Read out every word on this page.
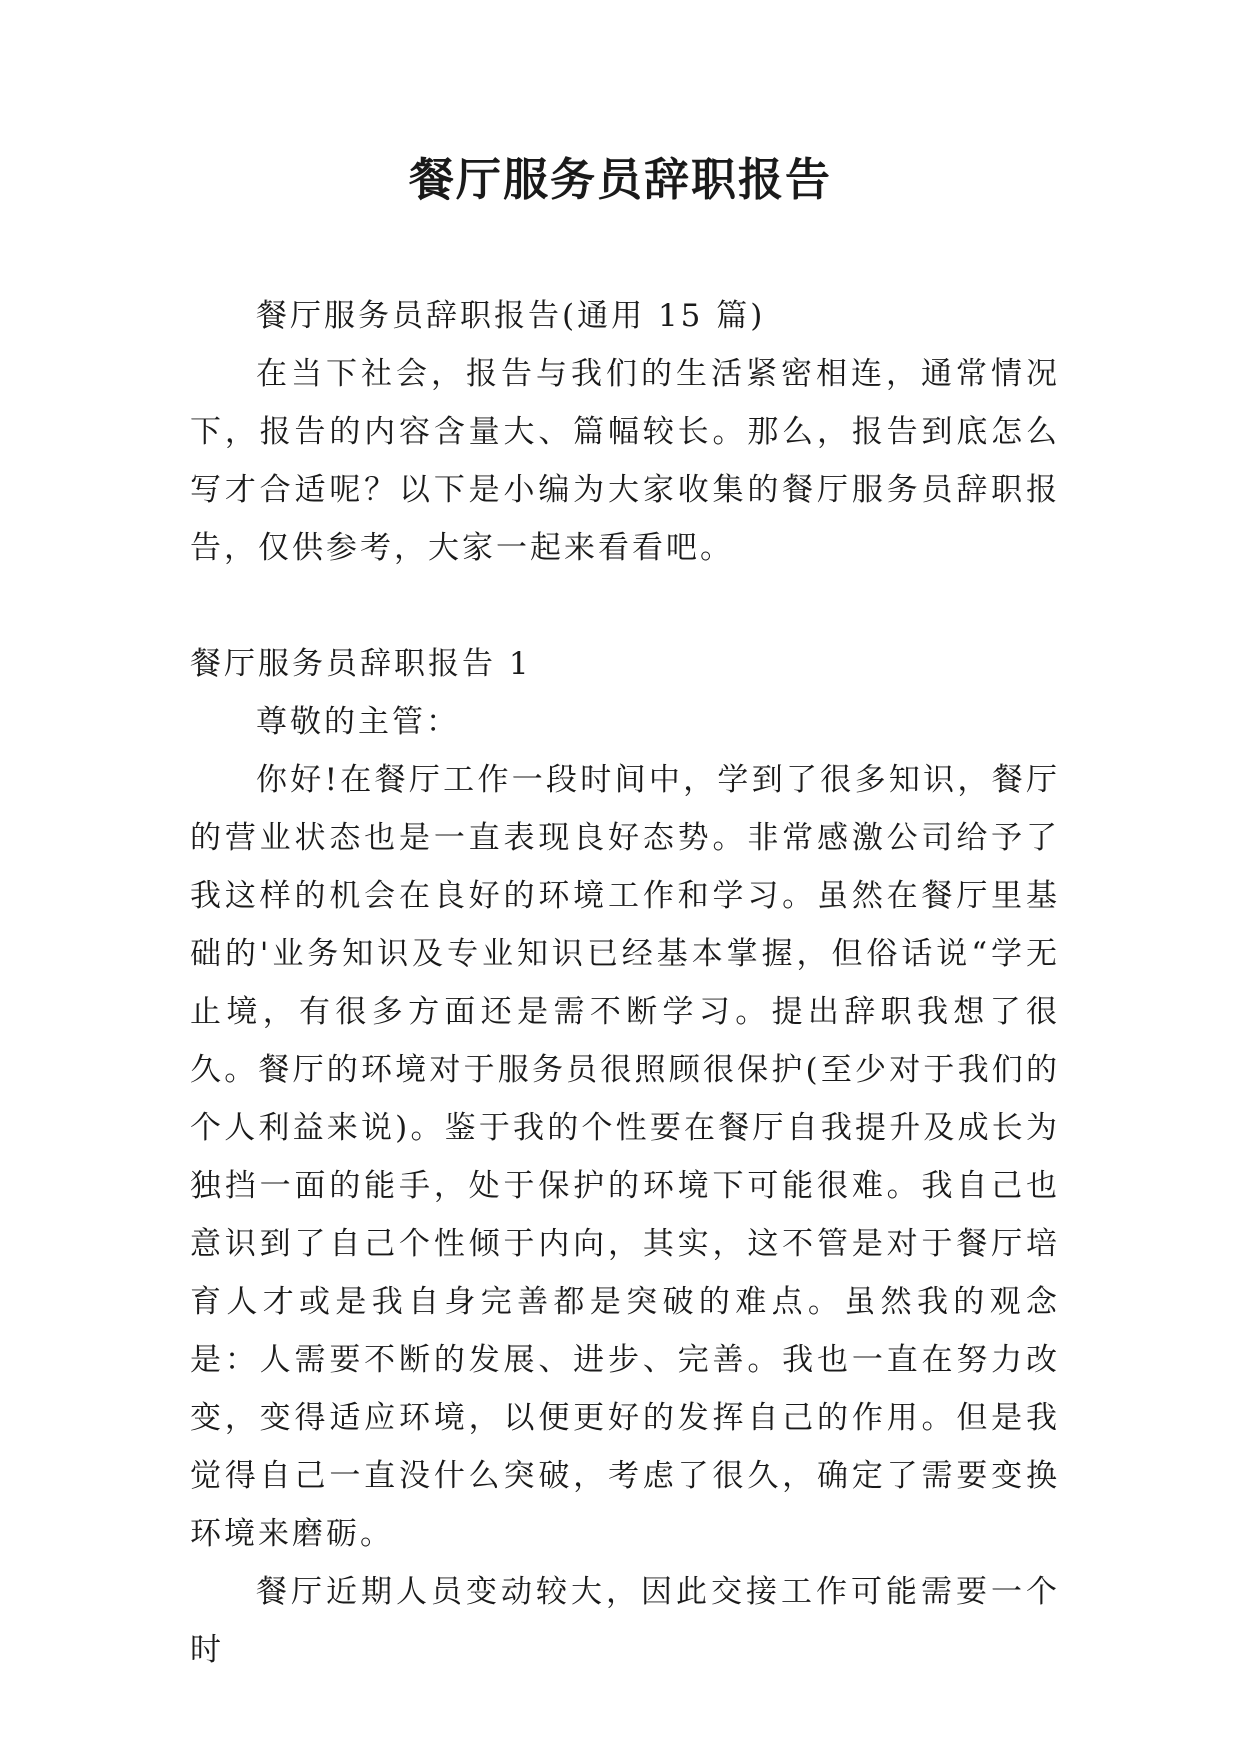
餐厅服务员辞职报告

餐厅服务员辞职报告(通用 15 篇)

在当下社会，报告与我们的生活紧密相连，通常情况下，报告的内容含量大、篇幅较长。那么，报告到底怎么写才合适呢？以下是小编为大家收集的餐厅服务员辞职报告，仅供参考，大家一起来看看吧。

餐厅服务员辞职报告 1

尊敬的主管：

你好!在餐厅工作一段时间中，学到了很多知识，餐厅的营业状态也是一直表现良好态势。非常感激公司给予了我这样的机会在良好的环境工作和学习。虽然在餐厅里基础的'业务知识及专业知识已经基本掌握，但俗话说“学无止境，有很多方面还是需不断学习。提出辞职我想了很久。餐厅的环境对于服务员很照顾很保护(至少对于我们的个人利益来说)。鉴于我的个性要在餐厅自我提升及成长为独挡一面的能手，处于保护的环境下可能很难。我自己也意识到了自己个性倾于内向，其实，这不管是对于餐厅培育人才或是我自身完善都是突破的难点。虽然我的观念是：人需要不断的发展、进步、完善。我也一直在努力改变，变得适应环境，以便更好的发挥自己的作用。但是我觉得自己一直没什么突破，考虑了很久，确定了需要变换环境来磨砺。

餐厅近期人员变动较大，因此交接工作可能需要一个时
